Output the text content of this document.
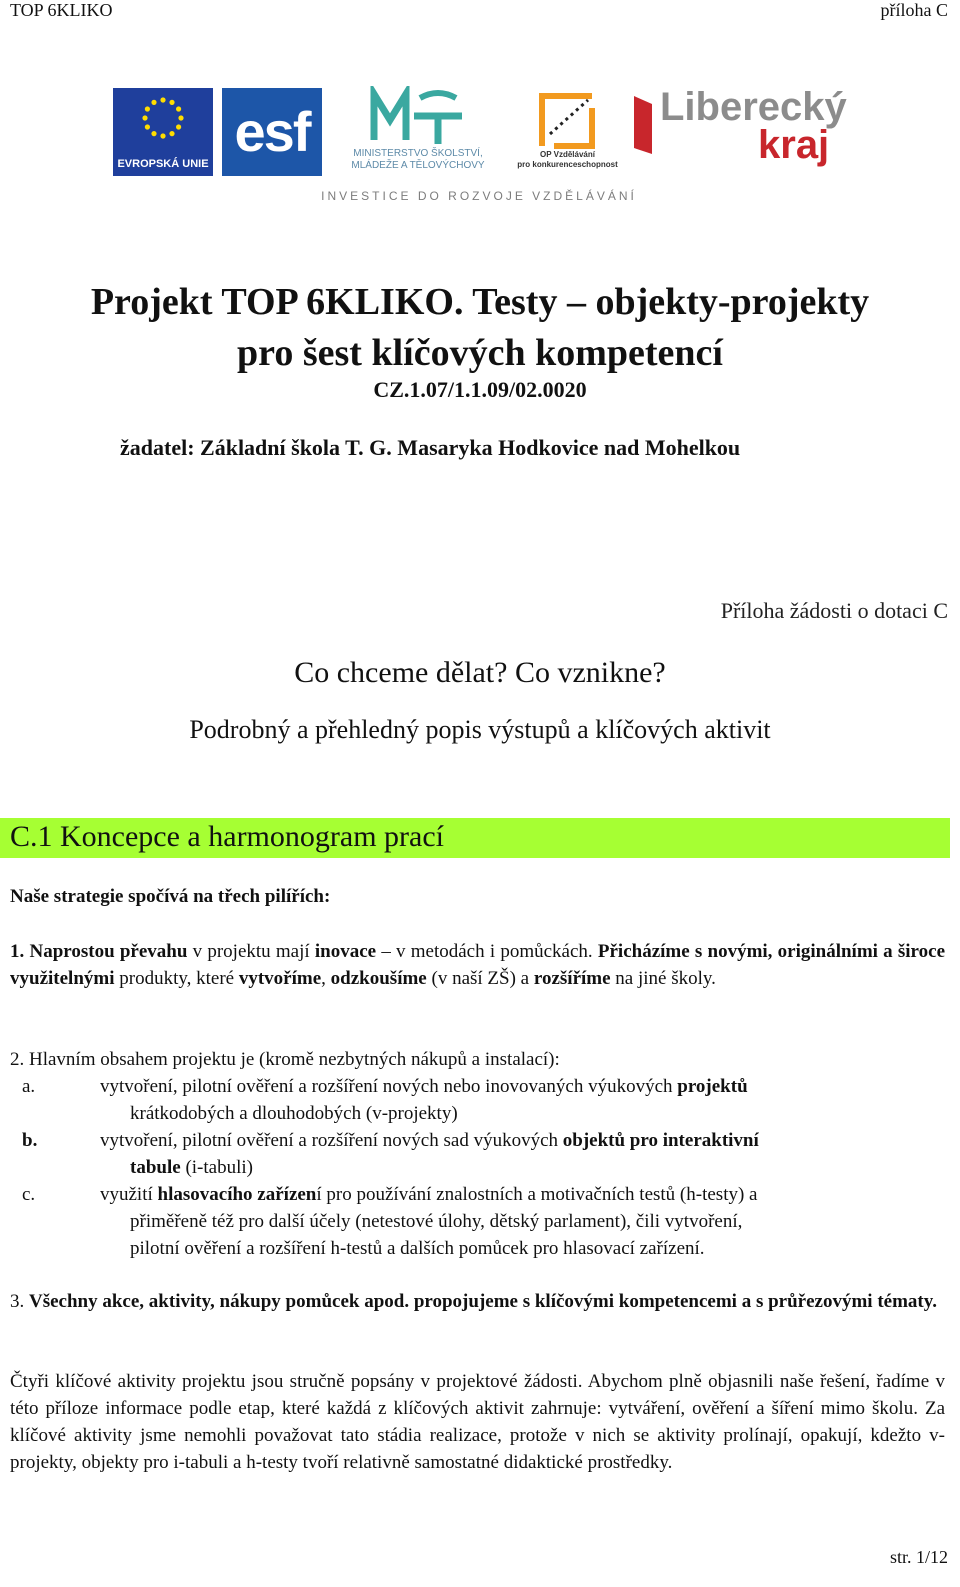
TOP 6KLIKO	příloha C
EVROPSKÁ UNIE
esf	MINISTERSTVO ŠKOLSTVÍ,
MLÁDEŽE A TĚLOVÝCHOVY
OP Vzdělávání
pro konkurenceschopnost
Liberecký
kraj
INVESTICE DO ROZVOJE VZDĚLÁVÁNÍ
Projekt TOP 6KLIKO. Testy – objekty-projekty
pro šest klíčových kompetencí
CZ.1.07/1.1.09/02.0020
žadatel: Základní škola T. G. Masaryka Hodkovice nad Mohelkou
Příloha žádosti o dotaci C
Co chceme dělat? Co vznikne?
Podrobný a přehledný popis výstupů a klíčových aktivit
C.1 Koncepce a harmonogram prací
Naše strategie spočívá na třech pilířích:
1. Naprostou převahu v projektu mají inovace – v metodách i pomůckách. Přicházíme s novými, originálními a široce využitelnými produkty, které vytvoříme, odzkoušíme (v naší ZŠ) a rozšíříme na jiné školy.
2. Hlavním obsahem projektu je (kromě nezbytných nákupů a instalací):
a.	vytvoření, pilotní ověření a rozšíření nových nebo inovovaných výukových projektů
krátkodobých a dlouhodobých (v-projekty)
b.	vytvoření, pilotní ověření a rozšíření nových sad výukových objektů pro interaktivní
tabule (i-tabuli)
c.	využití hlasovacího zařízení pro používání znalostních a motivačních testů (h-testy) a
přiměřeně též pro další účely (netestové úlohy, dětský parlament), čili vytvoření,
pilotní ověření a rozšíření h-testů a dalších pomůcek pro hlasovací zařízení.
3. Všechny akce, aktivity, nákupy pomůcek apod. propojujeme s klíčovými kompetencemi a s průřezovými tématy.
Čtyři klíčové aktivity projektu jsou stručně popsány v projektové žádosti. Abychom plně objasnili naše řešení, řadíme v této příloze informace podle etap, které každá z klíčových aktivit zahrnuje: vytváření, ověření a šíření mimo školu. Za klíčové aktivity jsme nemohli považovat tato stádia realizace, protože v nich se aktivity prolínají, opakují, kdežto v-projekty, objekty pro i-tabuli a h-testy tvoří relativně samostatné didaktické prostředky.
str. 1/12
